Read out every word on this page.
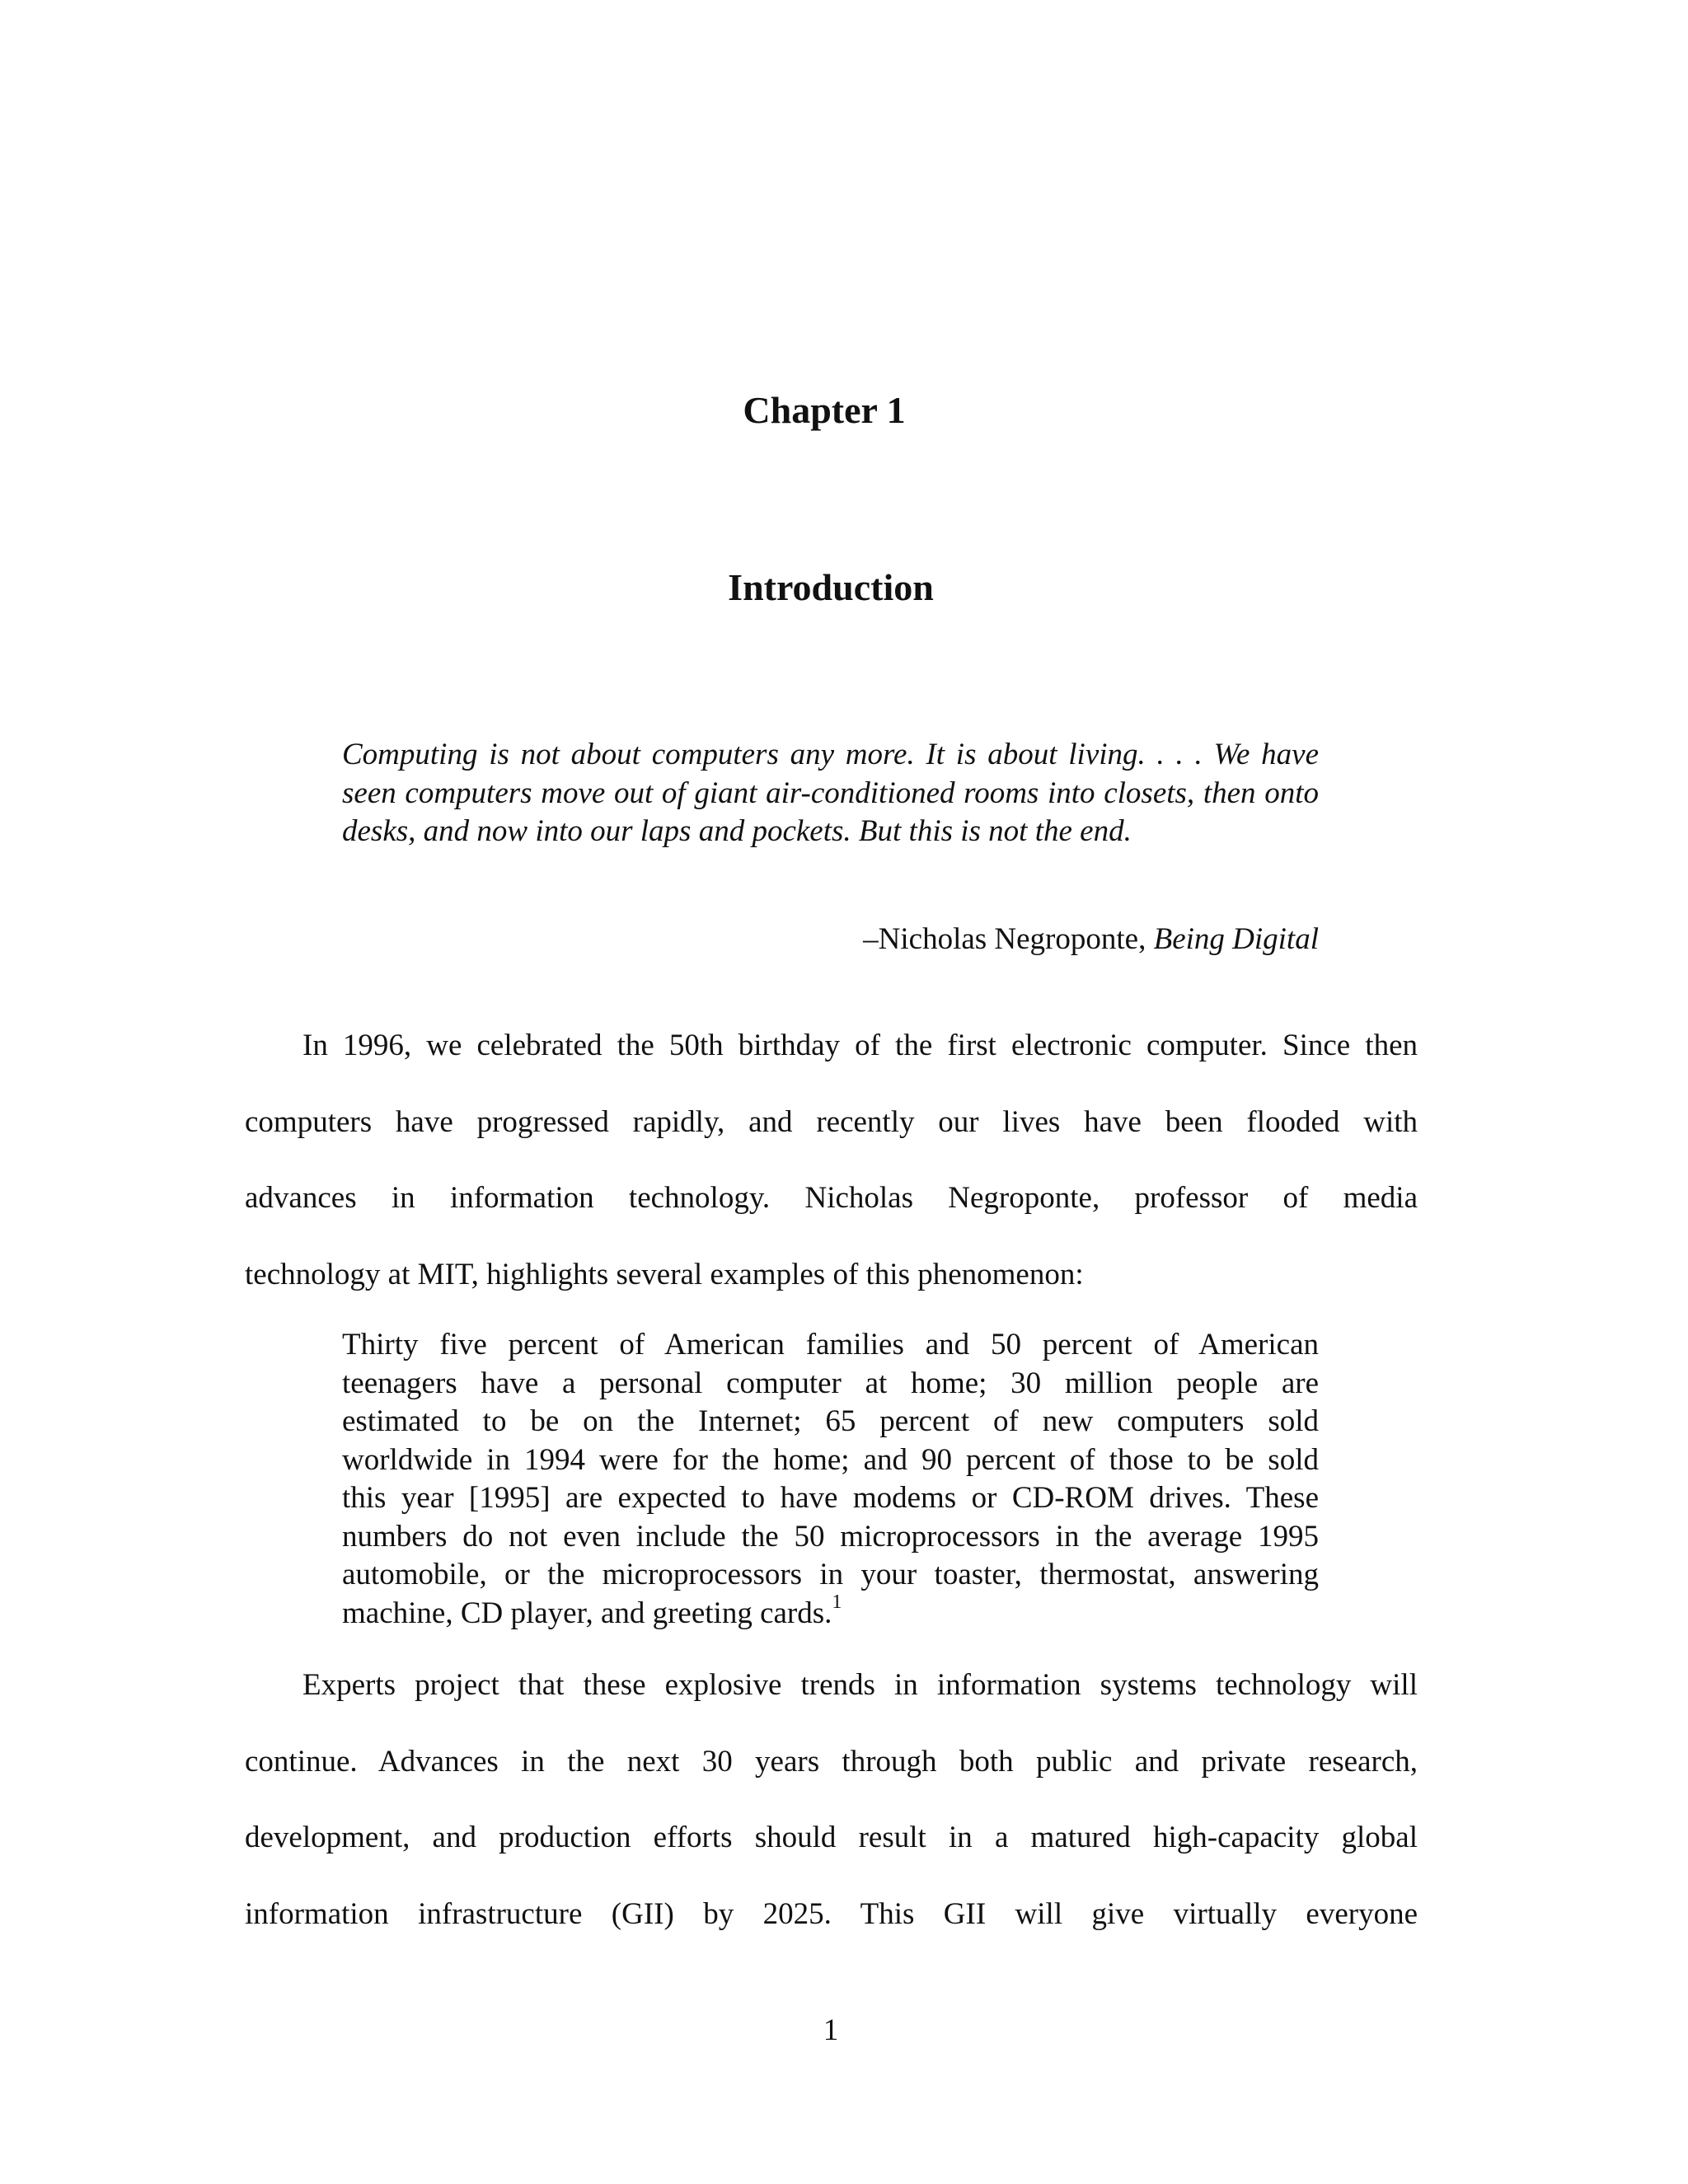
Chapter 1
Introduction
Computing is not about computers any more. It is about living. . . . We have seen computers move out of giant air-conditioned rooms into closets, then onto desks, and now into our laps and pockets. But this is not the end.
–Nicholas Negroponte, Being Digital
In 1996, we celebrated the 50th birthday of the first electronic computer. Since then
computers have progressed rapidly, and recently our lives have been flooded with
advances in information technology. Nicholas Negroponte, professor of media
technology at MIT, highlights several examples of this phenomenon:
Thirty five percent of American families and 50 percent of American
teenagers have a personal computer at home; 30 million people are
estimated to be on the Internet; 65 percent of new computers sold
worldwide in 1994 were for the home; and 90 percent of those to be sold
this year [1995] are expected to have modems or CD-ROM drives. These
numbers do not even include the 50 microprocessors in the average 1995
automobile, or the microprocessors in your toaster, thermostat, answering
machine, CD player, and greeting cards.$^1$
Experts project that these explosive trends in information systems technology will
continue. Advances in the next 30 years through both public and private research,
development, and production efforts should result in a matured high-capacity global
information infrastructure (GII) by 2025. This GII will give virtually everyone
1
